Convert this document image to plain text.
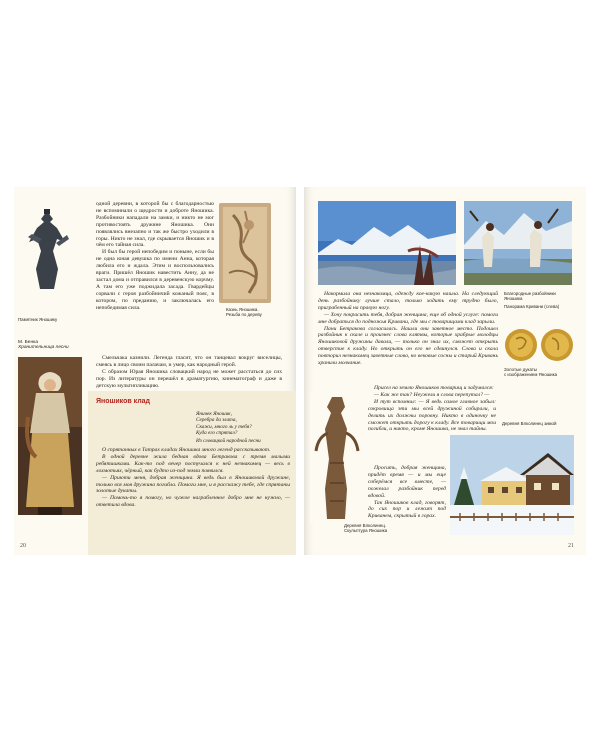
Памятник Яношику

одной деревни, в которой бы с благодарностью не вспоминали о щедрости и доброте Яношика. Разбойники нападали на замки, и никто не мог противостоять дружине Яношика. Они появлялись внезапно и так же быстро уходили в горы. Никто не знал, где скрывается Яношик и в чём его тайная сила.

И был бы герой непобедим и поныне, если бы не одна юная девушка по имени Анна, которая любила его и ждала. Этим и воспользовались враги. Пришёл Яношик навестить Анну, да не застал дома и отправился в деревенскую корчму. А там его уже поджидала засада. Гвардейцы сорвали с героя разбойничий кожаный пояс, в котором, по преданию, и заключалась его непобедимая сила.	Казнь Яношика.
Резьба по дереву

Смельчака казнили. Легенда гласит, что он танцевал вокруг виселицы, смеясь в лицо своим палачам, и умер, как народный герой.

С образом Юрая Яношика словацкий народ не может расстаться до сих пор. Из литературы он перешёл в драматургию, кинематограф и даже в детскую мультипликацию.

М. Бенка
Хранительница песни
Яношиков клад
Яничек Яношик,
Серебра да злата,
Скажи, много ль у тебя?
Куда его спрятал?
Из словацкой народной песни

О спрятанных в Татрах кладах Яношика много легенд рассказывают.

В одной деревне жила бедная вдова Бетракова с тремя малыми ребятишками. Как-то под вечер постучался к ней незнакомец — весь в лохмотьях, чёрный, как будто из-под земли появился.

— Приюти меня, добрая женщина. Я ведь был в Яношиковой дружине, только вся моя дружина погибла. Помоги мне, и я расскажу тебе, где спрятаны золотые дукаты.

— Помочь-то я помогу, но чужое награбленное добро мне не нужно, — ответила вдова.

20
Благородные разбойники
Яношика
Панорама Кривани (слева)

Накормила она незнакомца, одежду кое-какую нашла. На следующий день разбойнику лучше стало, только ходить ему трудно было, приграбенный на правую ногу.

— Хочу покрасить тебя, добрая женщина, еще об одной услуге: помоги мне добраться до подножья Кривани, где мы с товарищами клад зарыли.

Пани Бетракова согласилась. Нашли они заветное место. Подошел разбойник к скале и произнес слова клятвы, которые храбрые молодцы Яношиковой дружины давали, — только он знал их, сможет открыть отверстие к кладу. Но открыть он его не сдвинулся. Слова и скала повторил незнакомец заветные слова, но вековые сосны и старый Кривань хранили молчание.

Золотые дукаты
с изображением Яношика
Деревня Влколинец зимой
Деревня Влколинец.
Скульптура Яношика

Присел на землю Яношиков товарищ и задумался:

— Как же так? Неужели я слова перепутал? —

И тут вспомнил: — Я ведь самое главное забыл: сокровища эти мы всей дружиной собирали, и делить их должны поровну. Никто в одиночку не сможет открыть дорогу к кладу. Все товарищи мои погибли, и никто, кроме Яношика, не знал тайны.

Просить, добрая женщина, придёт время — и мы еще соберёмся все вместе, — пожелал разбойник перед вдовой.

Так Яношиков клад, говорят, до сих пор и лежит под Криванем, скрытый в горах.

21
